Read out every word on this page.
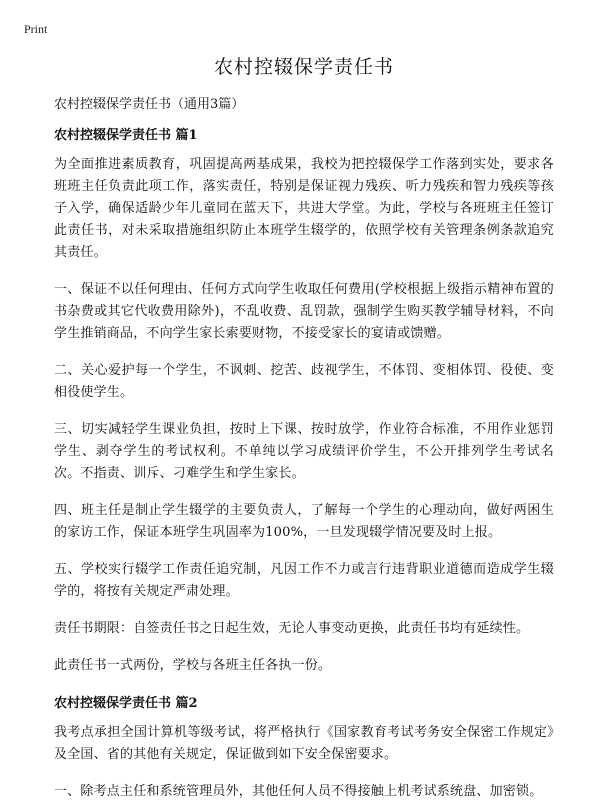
Print
农村控辍保学责任书
农村控辍保学责任书（通用3篇）
农村控辍保学责任书 篇1

为全面推进素质教育，巩固提高两基成果，我校为把控辍保学工作落到实处，要求各班班主任负责此项工作，落实责任，特别是保证视力残疾、听力残疾和智力残疾等孩子入学，确保适龄少年儿童同在蓝天下，共进大学堂。为此，学校与各班班主任签订此责任书，对未采取措施组织防止本班学生辍学的，依照学校有关管理条例条款追究其责任。

一、保证不以任何理由、任何方式向学生收取任何费用(学校根据上级指示精神布置的书杂费或其它代收费用除外)，不乱收费、乱罚款，强制学生购买教学辅导材料，不向学生推销商品，不向学生家长索要财物，不接受家长的宴请或馈赠。

二、关心爱护每一个学生，不讽刺、挖苦、歧视学生，不体罚、变相体罚、役使、变相役使学生。

三、切实减轻学生课业负担，按时上下课、按时放学，作业符合标准，不用作业惩罚学生、剥夺学生的考试权利。不单纯以学习成绩评价学生，不公开排列学生考试名次。不指责、训斥、刁难学生和学生家长。

四、班主任是制止学生辍学的主要负责人，了解每一个学生的心理动向，做好两困生的家访工作，保证本班学生巩固率为100%，一旦发现辍学情况要及时上报。

五、学校实行辍学工作责任追究制，凡因工作不力或言行违背职业道德而造成学生辍学的，将按有关规定严肃处理。

责任书期限：自签责任书之日起生效，无论人事变动更换，此责任书均有延续性。

此责任书一式两份，学校与各班主任各执一份。

农村控辍保学责任书 篇2

我考点承担全国计算机等级考试，将严格执行《国家教育考试考务安全保密工作规定》及全国、省的其他有关规定，保证做到如下安全保密要求。

一、除考点主任和系统管理员外，其他任何人员不得接触上机考试系统盘、加密锁。
